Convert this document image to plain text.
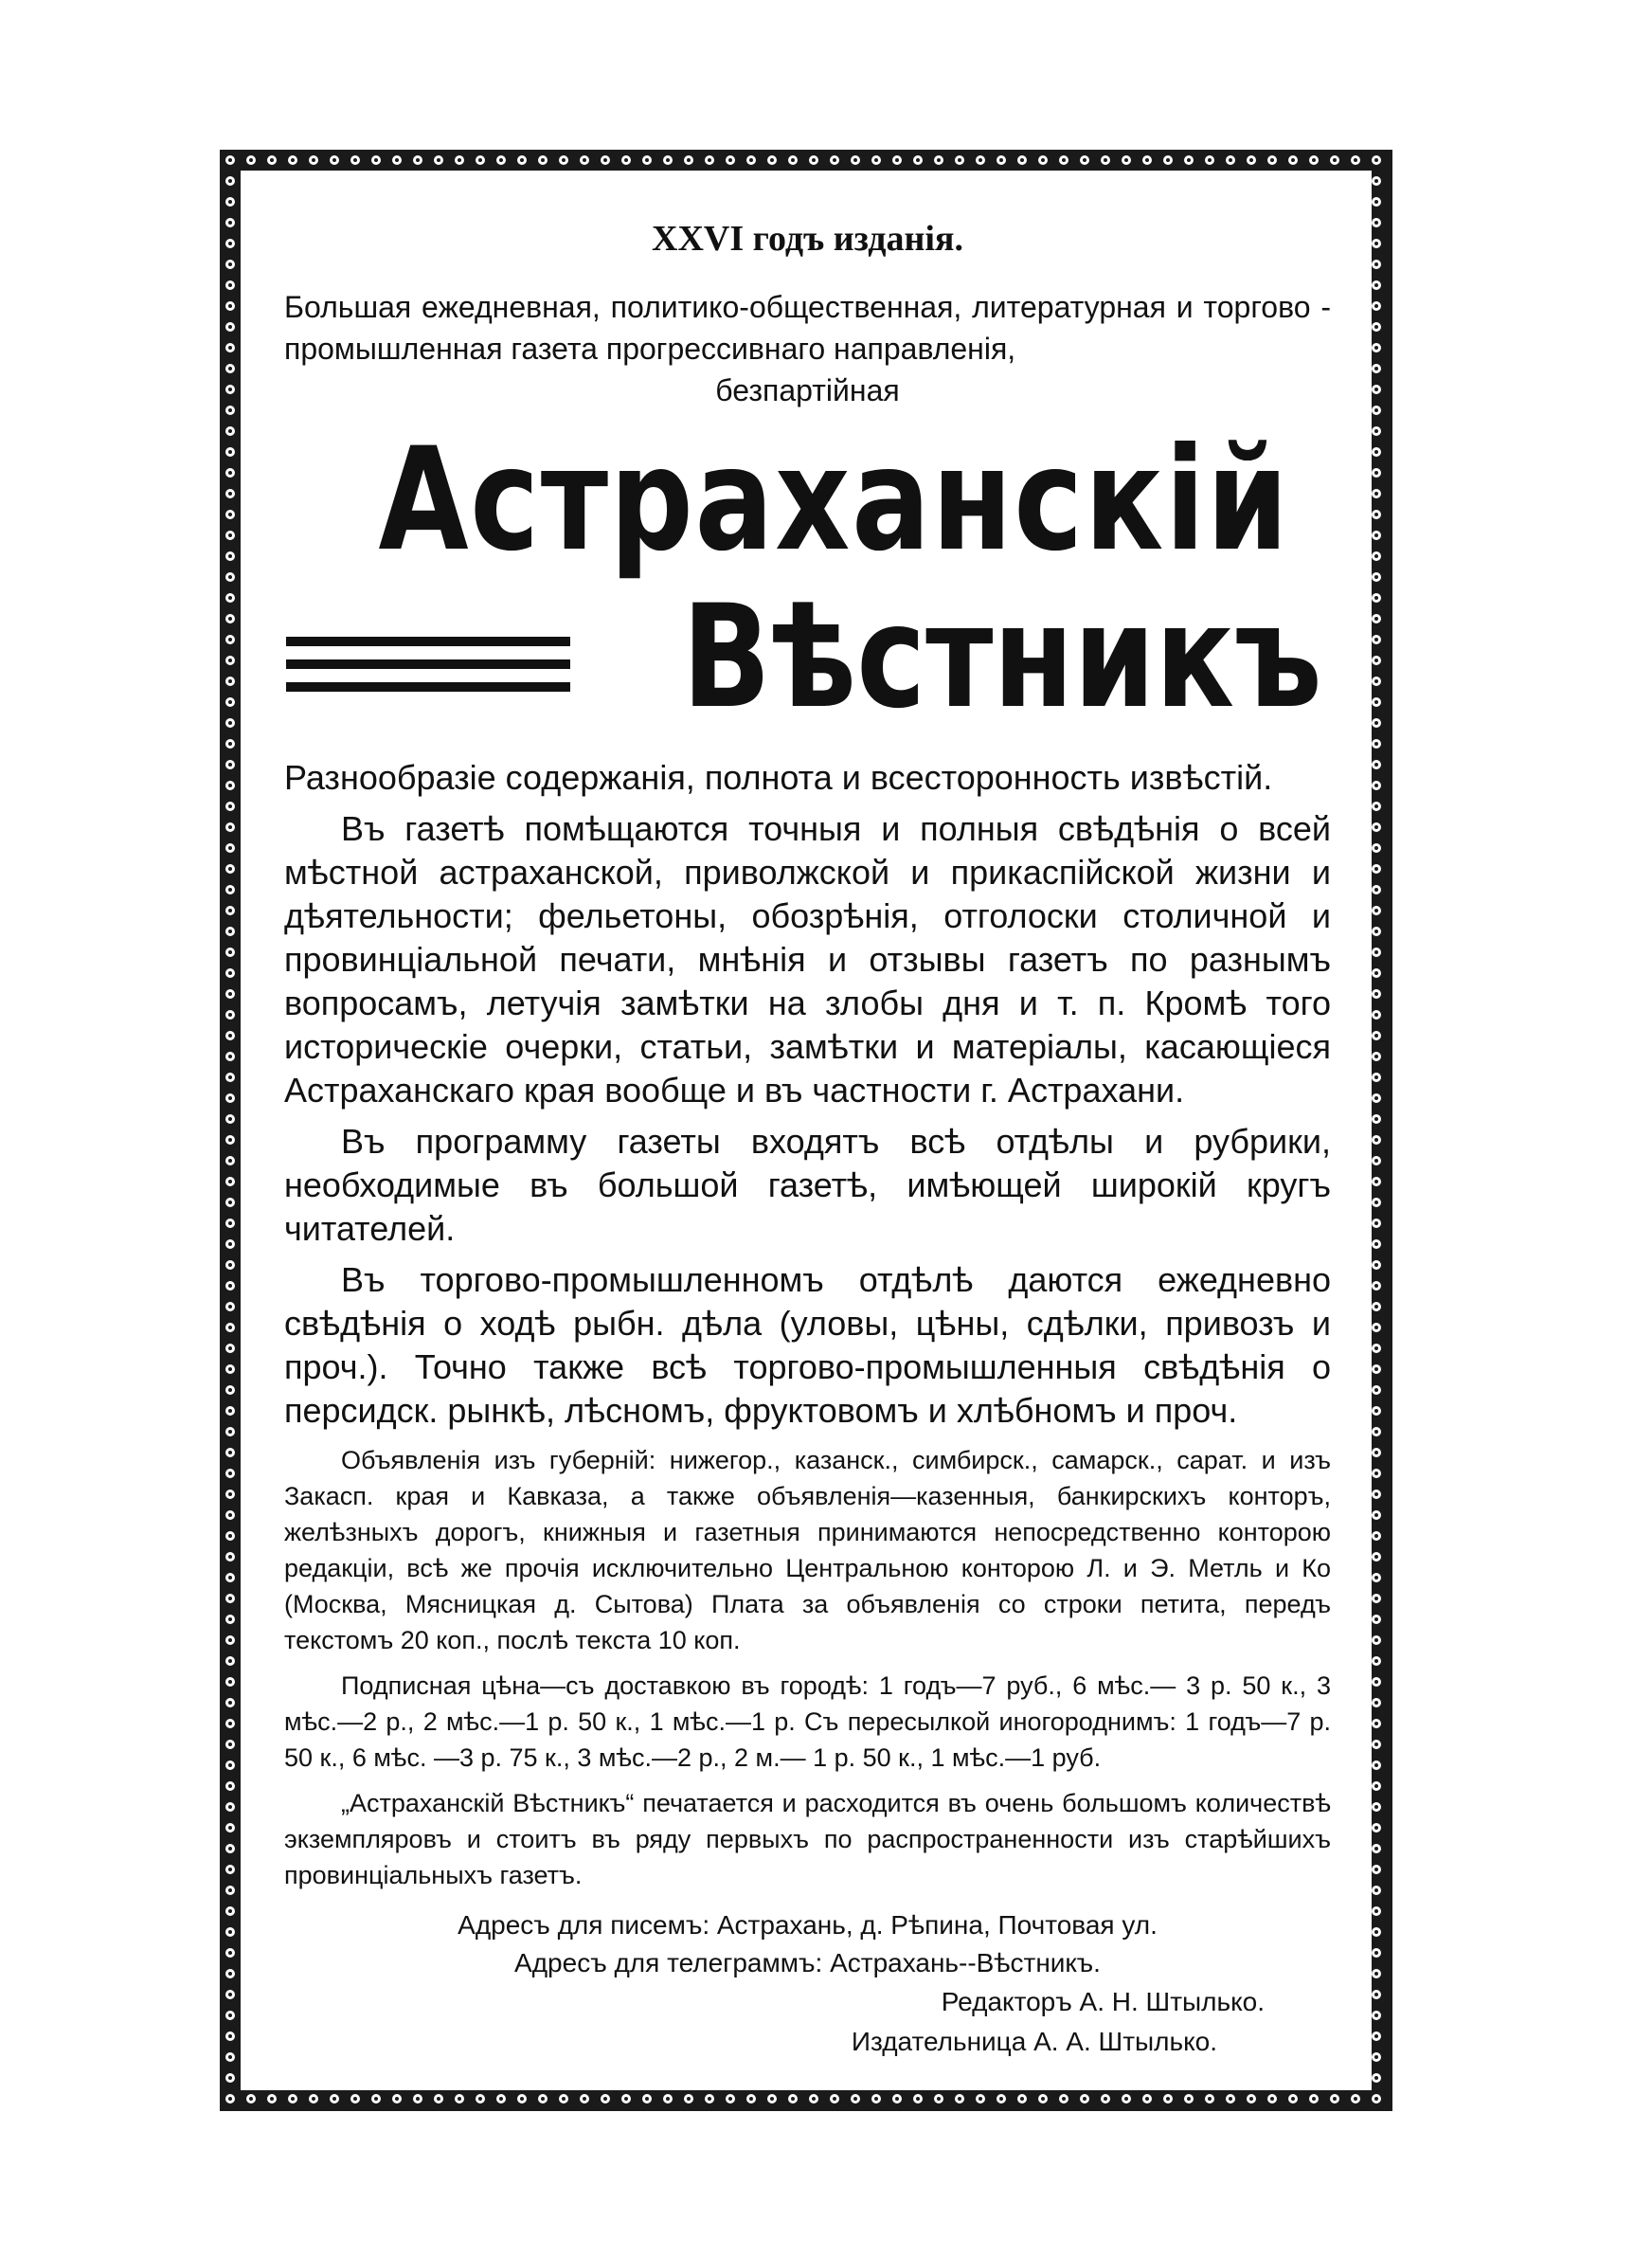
XXVI годъ изданія.
Большая ежедневная, политико-общественная, литературная и торгово - промышленная газета прогрессивнаго направленія,
безпартійная
Астраханскій
Вѣстникъ
Разнообразіе содержанія, полнота и всесторонность извѣстій.
Въ газетѣ помѣщаются точныя и полныя свѣдѣнія о всей мѣстной астраханской, приволжской и прикаспійской жизни и дѣятельности; фельетоны, обозрѣнія, отголоски столичной и провинціальной печати, мнѣнія и отзывы газетъ по разнымъ вопросамъ, летучія замѣтки на злобы дня и т. п. Кромѣ того историческіе очерки, статьи, замѣтки и матеріалы, касающіеся Астраханскаго края вообще и въ частности г. Астрахани.
Въ программу газеты входятъ всѣ отдѣлы и рубрики, необходимые въ большой газетѣ, имѣющей широкій кругъ читателей.
Въ торгово-промышленномъ отдѣлѣ даются ежедневно свѣдѣнія о ходѣ рыбн. дѣла (уловы, цѣны, сдѣлки, привозъ и проч.). Точно также всѣ торгово-промышленныя свѣдѣнія о персидск. рынкѣ, лѣсномъ, фруктовомъ и хлѣбномъ и проч.
Объявленія изъ губерній: нижегор., казанск., симбирск., самарск., сарат. и изъ Закасп. края и Кавказа, а также объявленія—казенныя, банкирскихъ конторъ, желѣзныхъ дорогъ, книжныя и газетныя принимаются непосредственно конторою редакціи, всѣ же прочія исключительно Центральною конторою Л. и Э. Метль и Ко (Москва, Мясницкая д. Сытова) Плата за объявленія со строки петита, передъ текстомъ 20 коп., послѣ текста 10 коп.
Подписная цѣна—съ доставкою въ городѣ: 1 годъ—7 руб., 6 мѣс.— 3 р. 50 к., 3 мѣс.—2 р., 2 мѣс.—1 р. 50 к., 1 мѣс.—1 р. Съ пересылкой иногороднимъ: 1 годъ—7 р. 50 к., 6 мѣс. —3 р. 75 к., 3 мѣс.—2 р., 2 м.— 1 р. 50 к., 1 мѣс.—1 руб.
„Астраханскій Вѣстникъ“ печатается и расходится въ очень большомъ количествѣ экземпляровъ и стоитъ въ ряду первыхъ по распространенности изъ старѣйшихъ провинціальныхъ газетъ.
Адресъ для писемъ: Астрахань, д. Рѣпина, Почтовая ул.
Адресъ для телеграммъ: Астрахань--Вѣстникъ.
Редакторъ А. Н. Штылько.
Издательница А. А. Штылько.
